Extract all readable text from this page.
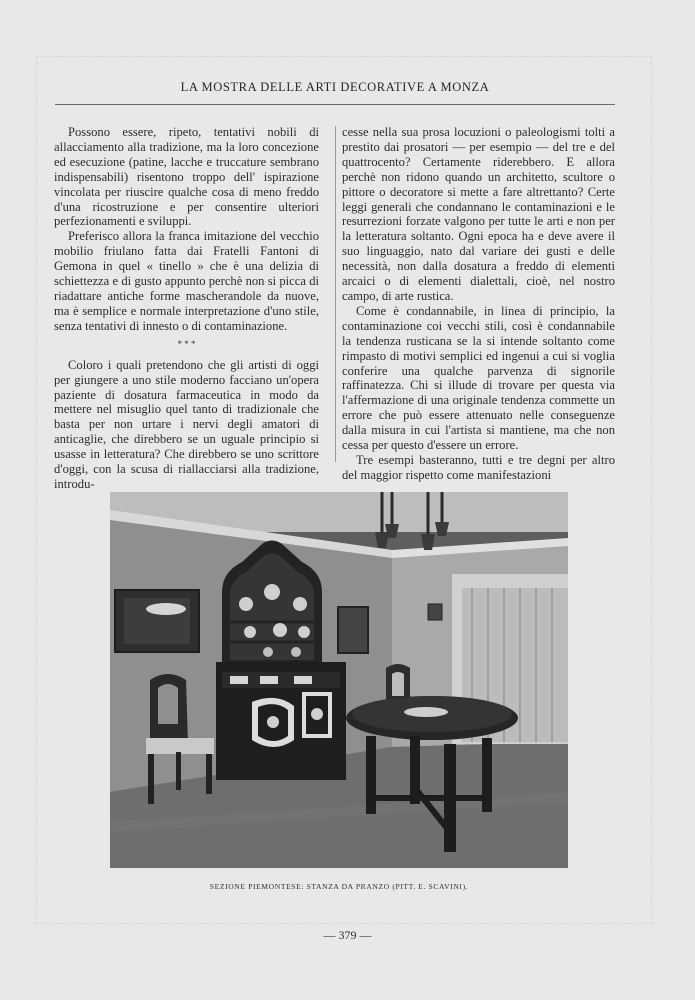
LA MOSTRA DELLE ARTI DECORATIVE A MONZA

Possono essere, ripeto, tentativi nobili di allacciamento alla tradizione, ma la loro concezione ed esecuzione (patine, lacche e truccature sembrano indispensabili) risentono troppo dell' ispirazione vincolata per riuscire qualche cosa di meno freddo d'una ricostruzione e per consentire ulteriori perfezionamenti e sviluppi.

Preferisco allora la franca imitazione del vecchio mobilio friulano fatta dai Fratelli Fantoni di Gemona in quel « tinello » che è una delizia di schiettezza e di gusto appunto perchè non si picca di riadattare antiche forme mascherandole da nuove, ma è semplice e normale interpretazione d'uno stile, senza tentativi di innesto o di contaminazione.

* * *

Coloro i quali pretendono che gli artisti di oggi per giungere a uno stile moderno facciano un'opera paziente di dosatura farmaceutica in modo da mettere nel misuglio quel tanto di tradizionale che basta per non urtare i nervi degli amatori di anticaglie, che direbbero se un uguale principio si usasse in letteratura? Che direbbero se uno scrittore d'oggi, con la scusa di riallacciarsi alla tradizione, introdu-

cesse nella sua prosa locuzioni o paleologismi tolti a prestito dai prosatori — per esempio — del tre e del quattrocento? Certamente riderebbero. E allora perchè non ridono quando un architetto, scultore o pittore o decoratore si mette a fare altrettanto? Certe leggi generali che condannano le contaminazioni e le resurrezioni forzate valgono per tutte le arti e non per la letteratura soltanto. Ogni epoca ha e deve avere il suo linguaggio, nato dal variare dei gusti e delle necessità, non dalla dosatura a freddo di elementi arcaici o di elementi dialettali, cioè, nel nostro campo, di arte rustica.

Come è condannabile, in linea di principio, la contaminazione coi vecchi stili, così è condannabile la tendenza rusticana se la si intende soltanto come rimpasto di motivi semplici ed ingenui a cui si voglia conferire una qualche parvenza di signorile raffinatezza. Chi si illude di trovare per questa via l'affermazione di una originale tendenza commette un errore che può essere attenuato nelle conseguenze dalla misura in cui l'artista si mantiene, ma che non cessa per questo d'essere un errore.

Tre esempi basteranno, tutti e tre degni per altro del maggior rispetto come manifestazioni

SEZIONE PIEMONTESE: STANZA DA PRANZO (PITT. E. SCAVINI).
— 379 —
